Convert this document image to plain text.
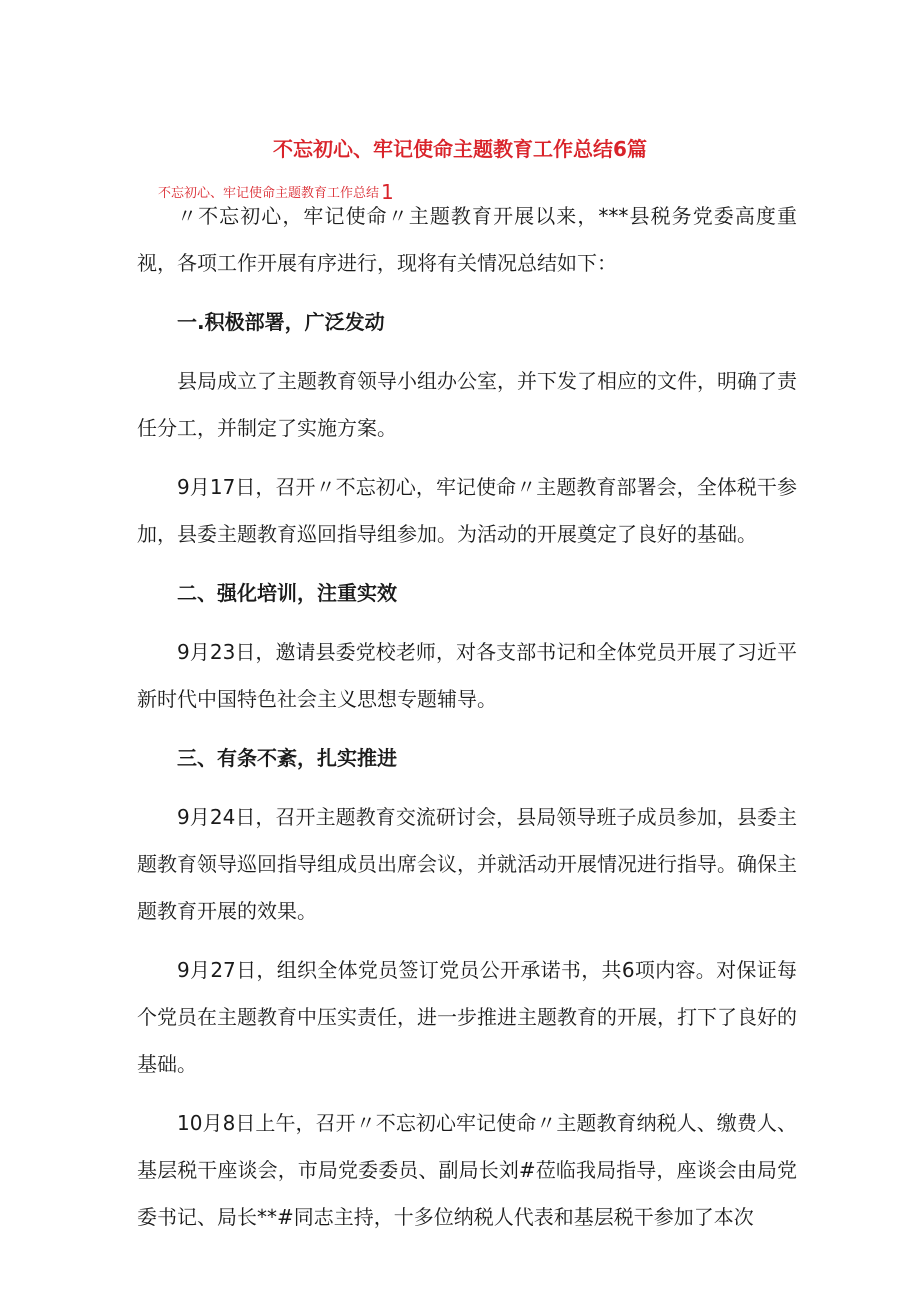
不忘初心、牢记使命主题教育工作总结6篇
不忘初心、牢记使命主题教育工作总结 1

〃不忘初心，牢记使命〃主题教育开展以来，***县税务党委高度重视，各项工作开展有序进行，现将有关情况总结如下：

一.积极部署，广泛发动

县局成立了主题教育领导小组办公室，并下发了相应的文件，明确了责任分工，并制定了实施方案。

9月17日，召开〃不忘初心，牢记使命〃主题教育部署会，全体税干参加，县委主题教育巡回指导组参加。为活动的开展奠定了良好的基础。

二、强化培训，注重实效

9月23日，邀请县委党校老师，对各支部书记和全体党员开展了习近平新时代中国特色社会主义思想专题辅导。

三、有条不紊，扎实推进

9月24日，召开主题教育交流研讨会，县局领导班子成员参加，县委主题教育领导巡回指导组成员出席会议，并就活动开展情况进行指导。确保主题教育开展的效果。

9月27日，组织全体党员签订党员公开承诺书，共6项内容。对保证每个党员在主题教育中压实责任，进一步推进主题教育的开展，打下了良好的基础。

10月8日上午，召开〃不忘初心牢记使命〃主题教育纳税人、缴费人、基层税干座谈会，市局党委委员、副局长刘#莅临我局指导，座谈会由局党委书记、局长**#同志主持，十多位纳税人代表和基层税干参加了本次
